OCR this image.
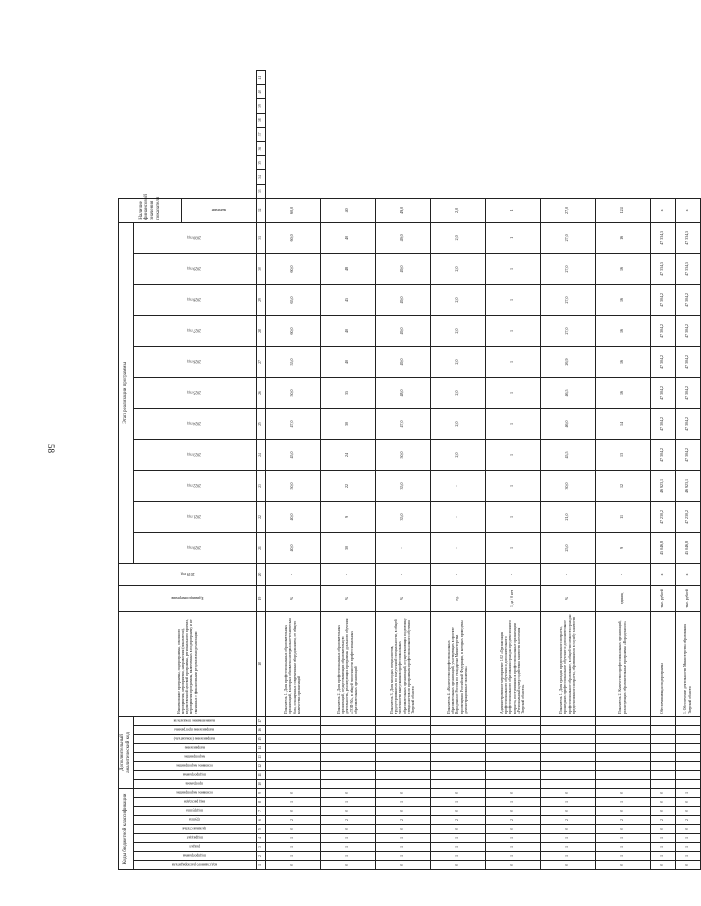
58
Коды бюджетной классификации									Дополнительный аналитический код								Наименование программы, подпрограммы, основного мероприятия, мероприятия, направления (показателя), ведомственной целевой программы, регионального проекта, мероприятия программы, включенных в подпрограмму и не связанных с финансовыми результатами реализации	Единица измерения	2019 год	Этап реализации программы											Наличие финансовой значения показателя									
код главного распорядителя	подпрограмма	раздел	подраздел	целевая статья	группа	подгруппа	вид расходов	основное мероприятие	программа	подпрограмма	основное мероприятие	мероприятие	направление	направление (показатель)	направление программы	наименование показателя				2020 год	2021 год	2022 год	2023 год	2024 год	2025 год	2026 год	2027 год	2028 год	2029 год	2030 год										
																															значение									
1	2	3	4	5	6	7	8	9	10	11	12	13	14	15	16	17	18	19	20	21	22	23	24	25	26	27	28	29	30	31	32	33	34	35	36	37	38	39	40	41
0	1	1	1	0	2	0	1	0									Показатель 1. Доля профессиональных образовательных организаций, в которых обновлена материально-техническая база, оснащенных современным оборудованием, от общего количества организаций	%	-	40,0	40,0	50,0	45,0	47,0	50,0	55,0	60,0	65,0	60,0	60,0	60,0									
0	1	1	1	0	2	0	1	0									Показатель 2. Доля профессиональных образовательных организаций, осуществляющих образовательную деятельность, реализующих программы дуального обучения «ТОП-50», в общей численности профессиональных образовательных организаций	%	-	30	9	22	24	30	35	40	40	45	48	40	40									
0	1	1	1	0	2	0	1	0									Показатель 3. Доля молодых специалистов, трудоустроившихся по полученной специальности, в общей численности выпускников профессиональных образовательных организаций, осуществляющих подготовку специалистов по программам профессионального обучения Тверской области	%	-	-	35,0	35,0	50,0	47,0	48,0	49,0	49,0	49,0	49,0	49,0	49,0									
0	1	1	1	0	2	0	1	0									Показатель 4. «Количество профессиональных образовательных организаций, участвующих в проекте Ворлдскиллс Россия по стандартам Министерства просвещения Российской Федерации, в которых проведены демонстрационные экзамены»	ед.	-	-	-	-	2,0	2,0	2,0	2,0	2,0	2,0	2,0	2,0	2,0									
0	1	1	1	0	2	0	1	0									Административное мероприятие 1.02 «Организация профессионального обучения и дополнительного профессионального образования граждан предпенсионного возраста, поступивших в профессиональные организации «Региональный центр содействия занятости населения Тверской области»	1 да / 0 нет	-	1	1	1	1	1	1	1	1	1	1	1	1									
0	1	1	1	0	2	0	1	0									Показатель 1. Доля граждан предпенсионного возраста, прошедших профессиональное обучение и дополнительное профессиональное образование, в общей численности граждан предпенсионного возраста, обратившихся в службу занятости	%	-	25,0	21,0	30,0	45,5	46,0	46,5	26,9	27,0	27,0	27,0	27,0	27,0									
0	1	1	1	0	2	0	1	0									Показатель 2. Количество профессиональных организаций, реализующих образовательные программы «Ворлдскиллс»	единиц	-	9	11	12	13	14	16	16	16	16	16	16	124									
0	1	1	1	0	2	0	0	0									Обеспечивающая подпрограмма	тыс. рублей	x	45 046,8	47 230,2	46 923,1	47 304,2	47 304,2	47 304,2	47 304,2	47 304,2	47 304,2	47 334,5	47 334,5	x									
0	1	1	1	0	2	0	0	1									1. Обеспечение деятельности Министерства образования Тверской области	тыс. рублей	x	45 046,8	47 230,2	46 923,1	47 304,2	47 304,2	47 304,2	47 304,2	47 304,2	47 304,2	47 334,5	47 334,5	x									
